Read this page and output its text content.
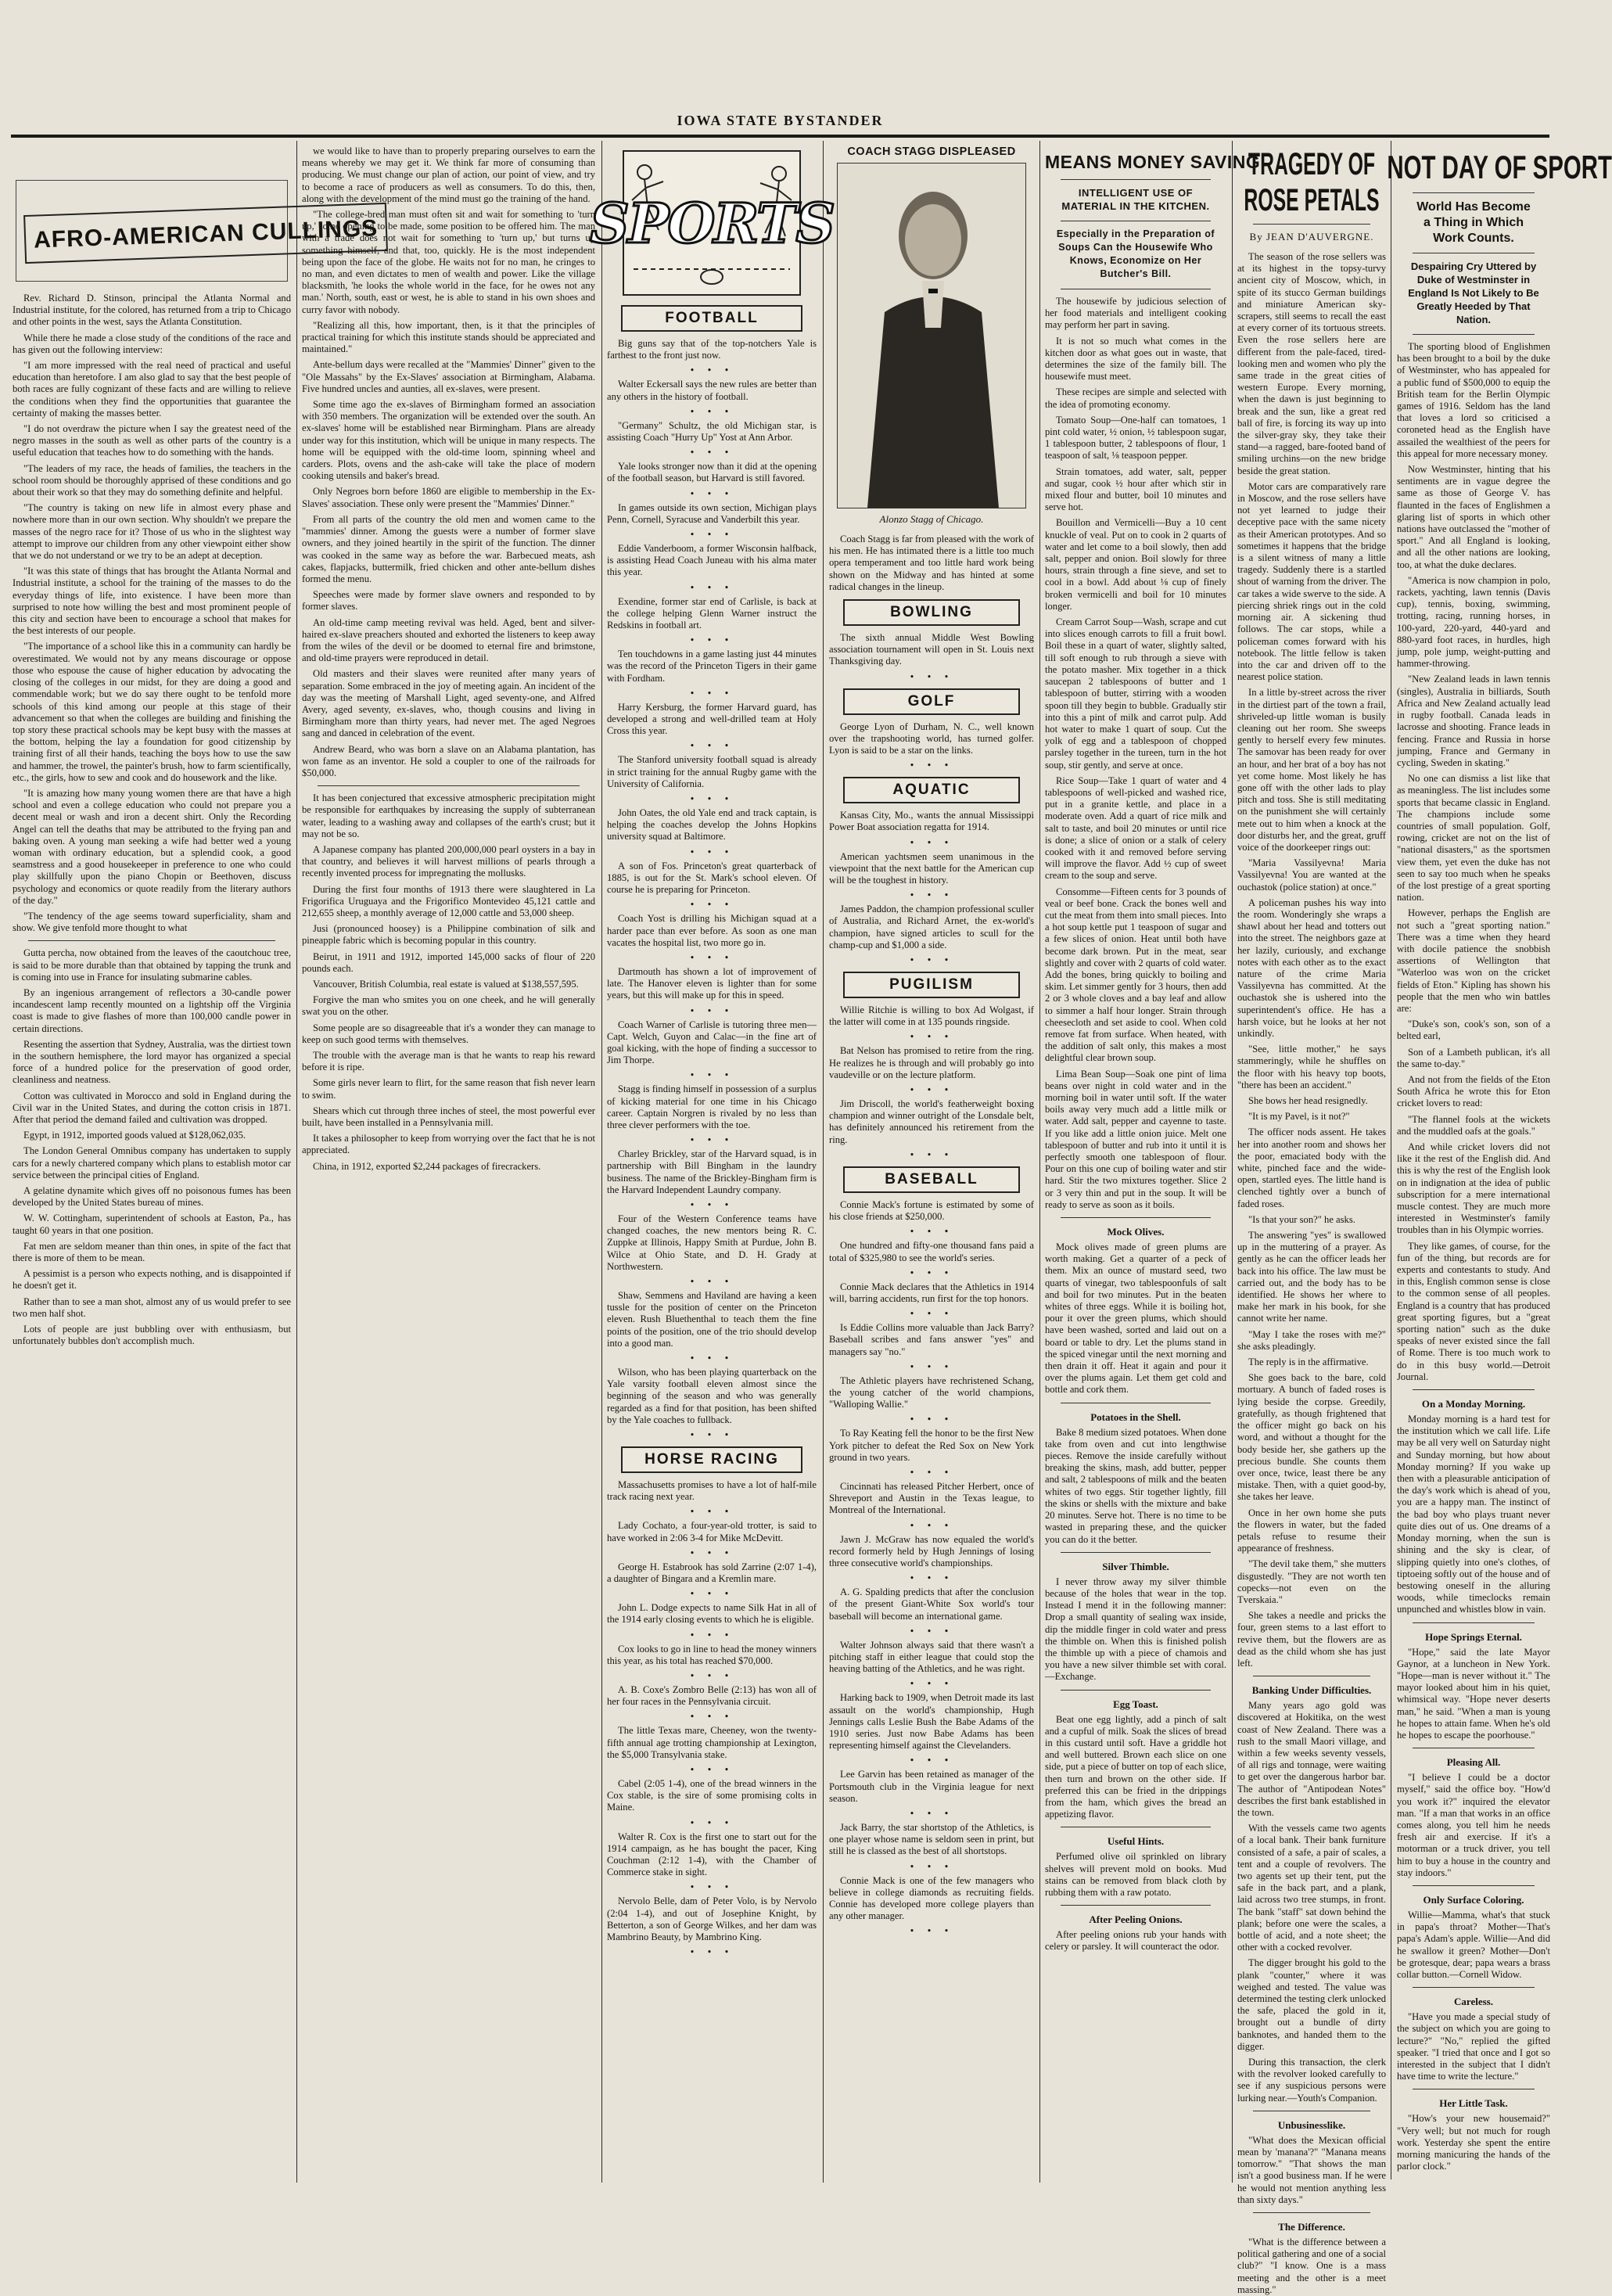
IOWA STATE BYSTANDER
AFRO-AMERICAN CULLINGS

Rev. Richard D. Stinson, principal the Atlanta Normal and Industrial institute, for the colored, has returned from a trip to Chicago and other points in the west, says the Atlanta Constitution.

While there he made a close study of the conditions of the race and has given out the following interview:

"I am more impressed with the real need of practical and useful education than heretofore. I am also glad to say that the best people of both races are fully cognizant of these facts and are willing to relieve the conditions when they find the opportunities that guarantee the certainty of making the masses better.

"I do not overdraw the picture when I say the greatest need of the negro masses in the south as well as other parts of the country is a useful education that teaches how to do something with the hands.

"The leaders of my race, the heads of families, the teachers in the school room should be thoroughly apprised of these conditions and go about their work so that they may do something definite and helpful.

"The country is taking on new life in almost every phase and nowhere more than in our own section. Why shouldn't we prepare the masses of the negro race for it? Those of us who in the slightest way attempt to improve our children from any other viewpoint either show that we do not understand or we try to be an adept at deception.

"It was this state of things that has brought the Atlanta Normal and Industrial institute, a school for the training of the masses to do the everyday things of life, into existence. I have been more than surprised to note how willing the best and most prominent people of this city and section have been to encourage a school that makes for the best interests of our people.

"The importance of a school like this in a community can hardly be overestimated. We would not by any means discourage or oppose those who espouse the cause of higher education by advocating the closing of the colleges in our midst, for they are doing a good and commendable work; but we do say there ought to be tenfold more schools of this kind among our people at this stage of their advancement so that when the colleges are building and finishing the top story these practical schools may be kept busy with the masses at the bottom, helping the lay a foundation for good citizenship by training first of all their hands, teaching the boys how to use the saw and hammer, the trowel, the painter's brush, how to farm scientifically, etc., the girls, how to sew and cook and do housework and the like.

"It is amazing how many young women there are that have a high school and even a college education who could not prepare you a decent meal or wash and iron a decent shirt. Only the Recording Angel can tell the deaths that may be attributed to the frying pan and baking oven. A young man seeking a wife had better wed a young woman with ordinary education, but a splendid cook, a good seamstress and a good housekeeper in preference to one who could play skillfully upon the piano Chopin or Beethoven, discuss psychology and economics or quote readily from the literary authors of the day."

"The tendency of the age seems toward superficiality, sham and show. We give tenfold more thought to what

Gutta percha, now obtained from the leaves of the caoutchouc tree, is said to be more durable than that obtained by tapping the trunk and is coming into use in France for insulating submarine cables.

By an ingenious arrangement of reflectors a 30-candle power incandescent lamp recently mounted on a lightship off the Virginia coast is made to give flashes of more than 100,000 candle power in certain directions.

Resenting the assertion that Sydney, Australia, was the dirtiest town in the southern hemisphere, the lord mayor has organized a special force of a hundred police for the preservation of good order, cleanliness and neatness.

Cotton was cultivated in Morocco and sold in England during the Civil war in the United States, and during the cotton crisis in 1871. After that period the demand failed and cultivation was dropped.

Egypt, in 1912, imported goods valued at $128,062,035.

The London General Omnibus company has undertaken to supply cars for a newly chartered company which plans to establish motor car service between the principal cities of England.

A gelatine dynamite which gives off no poisonous fumes has been developed by the United States bureau of mines.

W. W. Cottingham, superintendent of schools at Easton, Pa., has taught 60 years in that one position.

Fat men are seldom meaner than thin ones, in spite of the fact that there is more of them to be mean.

A pessimist is a person who expects nothing, and is disappointed if he doesn't get it.

Rather than to see a man shot, almost any of us would prefer to see two men half shot.

Lots of people are just bubbling over with enthusiasm, but unfortunately bubbles don't accomplish much.

we would like to have than to properly preparing ourselves to earn the means whereby we may get it. We think far more of consuming than producing. We must change our plan of action, our point of view, and try to become a race of producers as well as consumers. To do this, then, along with the development of the mind must go the training of the hand.

"The college-bred man must often sit and wait for something to 'turn up,' some opening to be made, some position to be offered him. The man with a trade does not wait for something to 'turn up,' but turns up something himself, and that, too, quickly. He is the most independent being upon the face of the globe. He waits not for no man, he cringes to no man, and even dictates to men of wealth and power. Like the village blacksmith, 'he looks the whole world in the face, for he owes not any man.' North, south, east or west, he is able to stand in his own shoes and curry favor with nobody.

"Realizing all this, how important, then, is it that the principles of practical training for which this institute stands should be appreciated and maintained."

Ante-bellum days were recalled at the "Mammies' Dinner" given to the "Ole Massahs" by the Ex-Slaves' association at Birmingham, Alabama. Five hundred uncles and aunties, all ex-slaves, were present.

Some time ago the ex-slaves of Birmingham formed an association with 350 members. The organization will be extended over the south. An ex-slaves' home will be established near Birmingham. Plans are already under way for this institution, which will be unique in many respects. The home will be equipped with the old-time loom, spinning wheel and carders. Plots, ovens and the ash-cake will take the place of modern cooking utensils and baker's bread.

Only Negroes born before 1860 are eligible to membership in the Ex-Slaves' association. These only were present the "Mammies' Dinner."

From all parts of the country the old men and women came to the "mammies' dinner. Among the guests were a number of former slave owners, and they joined heartily in the spirit of the function. The dinner was cooked in the same way as before the war. Barbecued meats, ash cakes, flapjacks, buttermilk, fried chicken and other ante-bellum dishes formed the menu.

Speeches were made by former slave owners and responded to by former slaves.

An old-time camp meeting revival was held. Aged, bent and silver-haired ex-slave preachers shouted and exhorted the listeners to keep away from the wiles of the devil or be doomed to eternal fire and brimstone, and old-time prayers were reproduced in detail.

Old masters and their slaves were reunited after many years of separation. Some embraced in the joy of meeting again. An incident of the day was the meeting of Marshall Light, aged seventy-one, and Alfred Avery, aged seventy, ex-slaves, who, though cousins and living in Birmingham more than thirty years, had never met. The aged Negroes sang and danced in celebration of the event.

Andrew Beard, who was born a slave on an Alabama plantation, has won fame as an inventor. He sold a coupler to one of the railroads for $50,000.

It has been conjectured that excessive atmospheric precipitation might be responsible for earthquakes by increasing the supply of subterranean water, leading to a washing away and collapses of the earth's crust; but it may not be so.

A Japanese company has planted 200,000,000 pearl oysters in a bay in that country, and believes it will harvest millions of pearls through a recently invented process for impregnating the mollusks.

During the first four months of 1913 there were slaughtered in La Frigorifica Uruguaya and the Frigorifico Montevideo 45,121 cattle and 212,655 sheep, a monthly average of 12,000 cattle and 53,000 sheep.

Jusi (pronounced hoosey) is a Philippine combination of silk and pineapple fabric which is becoming popular in this country.

Beirut, in 1911 and 1912, imported 145,000 sacks of flour of 220 pounds each.

Vancouver, British Columbia, real estate is valued at $138,557,595.

Forgive the man who smites you on one cheek, and he will generally swat you on the other.

Some people are so disagreeable that it's a wonder they can manage to keep on such good terms with themselves.

The trouble with the average man is that he wants to reap his reward before it is ripe.

Some girls never learn to flirt, for the same reason that fish never learn to swim.

Shears which cut through three inches of steel, the most powerful ever built, have been installed in a Pennsylvania mill.

It takes a philosopher to keep from worrying over the fact that he is not appreciated.

China, in 1912, exported $2,244 packages of firecrackers.

SPORTS
FOOTBALL

Big guns say that of the top-notchers Yale is farthest to the front just now.

• • •

Walter Eckersall says the new rules are better than any others in the history of football.

• • •

"Germany" Schultz, the old Michigan star, is assisting Coach "Hurry Up" Yost at Ann Arbor.

• • •

Yale looks stronger now than it did at the opening of the football season, but Harvard is still favored.

• • •

In games outside its own section, Michigan plays Penn, Cornell, Syracuse and Vanderbilt this year.

• • •

Eddie Vanderboom, a former Wisconsin halfback, is assisting Head Coach Juneau with his alma mater this year.

• • •

Exendine, former star end of Carlisle, is back at the college helping Glenn Warner instruct the Redskins in football art.

• • •

Ten touchdowns in a game lasting just 44 minutes was the record of the Princeton Tigers in their game with Fordham.

• • •

Harry Kersburg, the former Harvard guard, has developed a strong and well-drilled team at Holy Cross this year.

• • •

The Stanford university football squad is already in strict training for the annual Rugby game with the University of California.

• • •

John Oates, the old Yale end and track captain, is helping the coaches develop the Johns Hopkins university squad at Baltimore.

• • •

A son of Fos. Princeton's great quarterback of 1885, is out for the St. Mark's school eleven. Of course he is preparing for Princeton.

• • •

Coach Yost is drilling his Michigan squad at a harder pace than ever before. As soon as one man vacates the hospital list, two more go in.

• • •

Dartmouth has shown a lot of improvement of late. The Hanover eleven is lighter than for some years, but this will make up for this in speed.

• • •

Coach Warner of Carlisle is tutoring three men—Capt. Welch, Guyon and Calac—in the fine art of goal kicking, with the hope of finding a successor to Jim Thorpe.

• • •

Stagg is finding himself in possession of a surplus of kicking material for one time in his Chicago career. Captain Norgren is rivaled by no less than three clever performers with the toe.

• • •

Charley Brickley, star of the Harvard squad, is in partnership with Bill Bingham in the laundry business. The name of the Brickley-Bingham firm is the Harvard Independent Laundry company.

• • •

Four of the Western Conference teams have changed coaches, the new mentors being R. C. Zuppke at Illinois, Happy Smith at Purdue, John B. Wilce at Ohio State, and D. H. Grady at Northwestern.

• • •

Shaw, Semmens and Haviland are having a keen tussle for the position of center on the Princeton eleven. Rush Bluethenthal to teach them the fine points of the position, one of the trio should develop into a good man.

• • •

Wilson, who has been playing quarterback on the Yale varsity football eleven almost since the beginning of the season and who was generally regarded as a find for that position, has been shifted by the Yale coaches to fullback.

• • •
HORSE RACING

Massachusetts promises to have a lot of half-mile track racing next year.

• • •

Lady Cochato, a four-year-old trotter, is said to have worked in 2:06 3-4 for Mike McDevitt.

• • •

George H. Estabrook has sold Zarrine (2:07 1-4), a daughter of Bingara and a Kremlin mare.

• • •

John L. Dodge expects to name Silk Hat in all of the 1914 early closing events to which he is eligible.

• • •

Cox looks to go in line to head the money winners this year, as his total has reached $70,000.

• • •

A. B. Coxe's Zombro Belle (2:13) has won all of her four races in the Pennsylvania circuit.

• • •

The little Texas mare, Cheeney, won the twenty-fifth annual age trotting championship at Lexington, the $5,000 Transylvania stake.

• • •

Cabel (2:05 1-4), one of the bread winners in the Cox stable, is the sire of some promising colts in Maine.

• • •

Walter R. Cox is the first one to start out for the 1914 campaign, as he has bought the pacer, King Couchman (2:12 1-4), with the Chamber of Commerce stake in sight.

• • •

Nervolo Belle, dam of Peter Volo, is by Nervolo (2:04 1-4), and out of Josephine Knight, by Betterton, a son of George Wilkes, and her dam was Mambrino Beauty, by Mambrino King.

• • •
COACH STAGG DISPLEASED
Alonzo Stagg of Chicago.

Coach Stagg is far from pleased with the work of his men. He has intimated there is a little too much opera temperament and too little hard work being shown on the Midway and has hinted at some radical changes in the lineup.

BOWLING

The sixth annual Middle West Bowling association tournament will open in St. Louis next Thanksgiving day.

• • •
GOLF

George Lyon of Durham, N. C., well known over the trapshooting world, has turned golfer. Lyon is said to be a star on the links.

• • •
AQUATIC

Kansas City, Mo., wants the annual Mississippi Power Boat association regatta for 1914.

• • •

American yachtsmen seem unanimous in the viewpoint that the next battle for the American cup will be the toughest in history.

• • •

James Paddon, the champion professional sculler of Australia, and Richard Arnet, the ex-world's champion, have signed articles to scull for the champ-cup and $1,000 a side.

• • •
PUGILISM

Willie Ritchie is willing to box Ad Wolgast, if the latter will come in at 135 pounds ringside.

• • •

Bat Nelson has promised to retire from the ring. He realizes he is through and will probably go into vaudeville or on the lecture platform.

• • •

Jim Driscoll, the world's featherweight boxing champion and winner outright of the Lonsdale belt, has definitely announced his retirement from the ring.

• • •
BASEBALL

Connie Mack's fortune is estimated by some of his close friends at $250,000.

• • •

One hundred and fifty-one thousand fans paid a total of $325,980 to see the world's series.

• • •

Connie Mack declares that the Athletics in 1914 will, barring accidents, run first for the top honors.

• • •

Is Eddie Collins more valuable than Jack Barry? Baseball scribes and fans answer "yes" and managers say "no."

• • •

The Athletic players have rechristened Schang, the young catcher of the world champions, "Walloping Wallie."

• • •

To Ray Keating fell the honor to be the first New York pitcher to defeat the Red Sox on New York ground in two years.

• • •

Cincinnati has released Pitcher Herbert, once of Shreveport and Austin in the Texas league, to Montreal of the International.

• • •

Jawn J. McGraw has now equaled the world's record formerly held by Hugh Jennings of losing three consecutive world's championships.

• • •

A. G. Spalding predicts that after the conclusion of the present Giant-White Sox world's tour baseball will become an international game.

• • •

Walter Johnson always said that there wasn't a pitching staff in either league that could stop the heaving batting of the Athletics, and he was right.

• • •

Harking back to 1909, when Detroit made its last assault on the world's championship, Hugh Jennings calls Leslie Bush the Babe Adams of the 1910 series. Just now Babe Adams has been representing himself against the Clevelanders.

• • •

Lee Garvin has been retained as manager of the Portsmouth club in the Virginia league for next season.

• • •

Jack Barry, the star shortstop of the Athletics, is one player whose name is seldom seen in print, but still he is classed as the best of all shortstops.

• • •

Connie Mack is one of the few managers who believe in college diamonds as recruiting fields. Connie has developed more college players than any other manager.

• • •
MEANS MONEY SAVING
INTELLIGENT USE OF MATERIAL IN THE KITCHEN.
Especially in the Preparation of Soups Can the Housewife Who Knows, Economize on Her Butcher's Bill.

The housewife by judicious selection of her food materials and intelligent cooking may perform her part in saving.

It is not so much what comes in the kitchen door as what goes out in waste, that determines the size of the family bill. The housewife must meet.

These recipes are simple and selected with the idea of promoting economy.

Tomato Soup—One-half can tomatoes, 1 pint cold water, ½ onion, ½ tablespoon sugar, 1 tablespoon butter, 2 tablespoons of flour, 1 teaspoon of salt, ⅛ teaspoon pepper.

Strain tomatoes, add water, salt, pepper and sugar, cook ½ hour after which stir in mixed flour and butter, boil 10 minutes and serve hot.

Bouillon and Vermicelli—Buy a 10 cent knuckle of veal. Put on to cook in 2 quarts of water and let come to a boil slowly, then add salt, pepper and onion. Boil slowly for three hours, strain through a fine sieve, and set to cool in a bowl. Add about ⅛ cup of finely broken vermicelli and boil for 10 minutes longer.

Cream Carrot Soup—Wash, scrape and cut into slices enough carrots to fill a fruit bowl. Boil these in a quart of water, slightly salted, till soft enough to rub through a sieve with the potato masher. Mix together in a thick saucepan 2 tablespoons of butter and 1 tablespoon of butter, stirring with a wooden spoon till they begin to bubble. Gradually stir into this a pint of milk and carrot pulp. Add hot water to make 1 quart of soup. Cut the yolk of egg and a tablespoon of chopped parsley together in the tureen, turn in the hot soup, stir gently, and serve at once.

Rice Soup—Take 1 quart of water and 4 tablespoons of well-picked and washed rice, put in a granite kettle, and place in a moderate oven. Add a quart of rice milk and salt to taste, and boil 20 minutes or until rice is done; a slice of onion or a stalk of celery cooked with it and removed before serving will improve the flavor. Add ½ cup of sweet cream to the soup and serve.

Consomme—Fifteen cents for 3 pounds of veal or beef bone. Crack the bones well and cut the meat from them into small pieces. Into a hot soup kettle put 1 teaspoon of sugar and a few slices of onion. Heat until both have become dark brown. Put in the meat, sear slightly and cover with 2 quarts of cold water. Add the bones, bring quickly to boiling and skim. Let simmer gently for 3 hours, then add 2 or 3 whole cloves and a bay leaf and allow to simmer a half hour longer. Strain through cheesecloth and set aside to cool. When cold remove fat from surface. When heated, with the addition of salt only, this makes a most delightful clear brown soup.

Lima Bean Soup—Soak one pint of lima beans over night in cold water and in the morning boil in water until soft. If the water boils away very much add a little milk or water. Add salt, pepper and cayenne to taste. If you like add a little onion juice. Melt one tablespoon of butter and rub into it until it is perfectly smooth one tablespoon of flour. Pour on this one cup of boiling water and stir hard. Stir the two mixtures together. Slice 2 or 3 very thin and put in the soup. It will be ready to serve as soon as it boils.

Mock Olives.

Mock olives made of green plums are worth making. Get a quarter of a peck of them. Mix an ounce of mustard seed, two quarts of vinegar, two tablespoonfuls of salt and boil for two minutes. Put in the beaten whites of three eggs. While it is boiling hot, pour it over the green plums, which should have been washed, sorted and laid out on a board or table to dry. Let the plums stand in the spiced vinegar until the next morning and then drain it off. Heat it again and pour it over the plums again. Let them get cold and bottle and cork them.

Potatoes in the Shell.

Bake 8 medium sized potatoes. When done take from oven and cut into lengthwise pieces. Remove the inside carefully without breaking the skins, mash, add butter, pepper and salt, 2 tablespoons of milk and the beaten whites of two eggs. Stir together lightly, fill the skins or shells with the mixture and bake 20 minutes. Serve hot. There is no time to be wasted in preparing these, and the quicker you can do it the better.

Silver Thimble.

I never throw away my silver thimble because of the holes that wear in the top. Instead I mend it in the following manner: Drop a small quantity of sealing wax inside, dip the middle finger in cold water and press the thimble on. When this is finished polish the thimble up with a piece of chamois and you have a new silver thimble set with coral.—Exchange.

Egg Toast.

Beat one egg lightly, add a pinch of salt and a cupful of milk. Soak the slices of bread in this custard until soft. Have a griddle hot and well buttered. Brown each slice on one side, put a piece of butter on top of each slice, then turn and brown on the other side. If preferred this can be fried in the drippings from the ham, which gives the bread an appetizing flavor.

Useful Hints.

Perfumed olive oil sprinkled on library shelves will prevent mold on books. Mud stains can be removed from black cloth by rubbing them with a raw potato.

After Peeling Onions.

After peeling onions rub your hands with celery or parsley. It will counteract the odor.

TRAGEDY OF
ROSE PETALS
By JEAN D'AUVERGNE.

The season of the rose sellers was at its highest in the topsy-turvy ancient city of Moscow, which, in spite of its stucco German buildings and miniature American sky-scrapers, still seems to recall the east at every corner of its tortuous streets. Even the rose sellers here are different from the pale-faced, tired-looking men and women who ply the same trade in the great cities of western Europe. Every morning, when the dawn is just beginning to break and the sun, like a great red ball of fire, is forcing its way up into the silver-gray sky, they take their stand—a ragged, bare-footed band of smiling urchins—on the new bridge beside the great station.

Motor cars are comparatively rare in Moscow, and the rose sellers have not yet learned to judge their deceptive pace with the same nicety as their American prototypes. And so sometimes it happens that the bridge is a silent witness of many a little tragedy. Suddenly there is a startled shout of warning from the driver. The car takes a wide swerve to the side. A piercing shriek rings out in the cold morning air. A sickening thud follows. The car stops, while a policeman comes forward with his notebook. The little fellow is taken into the car and driven off to the nearest police station.

In a little by-street across the river in the dirtiest part of the town a frail, shriveled-up little woman is busily cleaning out her room. She sweeps gently to herself every few minutes. The samovar has been ready for over an hour, and her brat of a boy has not yet come home. Most likely he has gone off with the other lads to play pitch and toss. She is still meditating on the punishment she will certainly mete out to him when a knock at the door disturbs her, and the great, gruff voice of the doorkeeper rings out:

"Maria Vassilyevna! Maria Vassilyevna! You are wanted at the ouchastok (police station) at once."

A policeman pushes his way into the room. Wonderingly she wraps a shawl about her head and totters out into the street. The neighbors gaze at her lazily, curiously, and exchange notes with each other as to the exact nature of the crime Maria Vassilyevna has committed. At the ouchastok she is ushered into the superintendent's office. He has a harsh voice, but he looks at her not unkindly.

"See, little mother," he says stammeringly, while he shuffles on the floor with his heavy top boots, "there has been an accident."

She bows her head resignedly.

"It is my Pavel, is it not?"

The officer nods assent. He takes her into another room and shows her the poor, emaciated body with the white, pinched face and the wide-open, startled eyes. The little hand is clenched tightly over a bunch of faded roses.

"Is that your son?" he asks.

The answering "yes" is swallowed up in the muttering of a prayer. As gently as he can the officer leads her back into his office. The law must be carried out, and the body has to be identified. He shows her where to make her mark in his book, for she cannot write her name.

"May I take the roses with me?" she asks pleadingly.

The reply is in the affirmative.

She goes back to the bare, cold mortuary. A bunch of faded roses is lying beside the corpse. Greedily, gratefully, as though frightened that the officer might go back on his word, and without a thought for the body beside her, she gathers up the precious bundle. She counts them over once, twice, least there be any mistake. Then, with a quiet good-by, she takes her leave.

Once in her own home she puts the flowers in water, but the faded petals refuse to resume their appearance of freshness.

"The devil take them," she mutters disgustedly. "They are not worth ten copecks—not even on the Tverskaia."

She takes a needle and pricks the four, green stems to a last effort to revive them, but the flowers are as dead as the child whom she has just left.

Banking Under Difficulties.

Many years ago gold was discovered at Hokitika, on the west coast of New Zealand. There was a rush to the small Maori village, and within a few weeks seventy vessels, of all rigs and tonnage, were waiting to get over the dangerous harbor bar. The author of "Antipodean Notes" describes the first bank established in the town.

With the vessels came two agents of a local bank. Their bank furniture consisted of a safe, a pair of scales, a tent and a couple of revolvers. The two agents set up their tent, put the safe in the back part, and a plank, laid across two tree stumps, in front. The bank "staff" sat down behind the plank; before one were the scales, a bottle of acid, and a note sheet; the other with a cocked revolver.

The digger brought his gold to the plank "counter," where it was weighed and tested. The value was determined the testing clerk unlocked the safe, placed the gold in it, brought out a bundle of dirty banknotes, and handed them to the digger.

During this transaction, the clerk with the revolver looked carefully to see if any suspicious persons were lurking near.—Youth's Companion.

Unbusinesslike.

"What does the Mexican official mean by 'manana'?" "Manana means tomorrow." "That shows the man isn't a good business man. If he were he would not mention anything less than sixty days."

The Difference.

"What is the difference between a political gathering and one of a social club?" "I know. One is a mass meeting and the other is a meet massing."

NOT DAY OF SPORT
World Has Become a Thing in Which Work Counts.
Despairing Cry Uttered by Duke of Westminster in England Is Not Likely to Be Greatly Heeded by That Nation.

The sporting blood of Englishmen has been brought to a boil by the duke of Westminster, who has appealed for a public fund of $500,000 to equip the British team for the Berlin Olympic games of 1916. Seldom has the land that loves a lord so criticised a coroneted head as the English have assailed the wealthiest of the peers for this appeal for more necessary money.

Now Westminster, hinting that his sentiments are in vague degree the same as those of George V. has flaunted in the faces of Englishmen a glaring list of sports in which other nations have outclassed the "mother of sport." And all England is looking, and all the other nations are looking, too, at what the duke declares.

"America is now champion in polo, rackets, yachting, lawn tennis (Davis cup), tennis, boxing, swimming, trotting, racing, running horses, in 100-yard, 220-yard, 440-yard and 880-yard foot races, in hurdles, high jump, pole jump, weight-putting and hammer-throwing.

"New Zealand leads in lawn tennis (singles), Australia in billiards, South Africa and New Zealand actually lead in rugby football. Canada leads in lacrosse and shooting. France leads in fencing. France and Russia in horse jumping, France and Germany in cycling, Sweden in skating."

No one can dismiss a list like that as meaningless. The list includes some sports that became classic in England. The champions include some countries of small population. Golf, rowing, cricket are not on the list of "national disasters," as the sportsmen view them, yet even the duke has not seen to say too much when he speaks of the lost prestige of a great sporting nation.

However, perhaps the English are not such a "great sporting nation." There was a time when they heard with docile patience the snobbish assertions of Wellington that "Waterloo was won on the cricket fields of Eton." Kipling has shown his people that the men who win battles are:

"Duke's son, cook's son, son of a belted earl,

Son of a Lambeth publican, it's all the same to-day."

And not from the fields of the Eton South Africa he wrote this for Eton cricket lovers to read:

"The flannel fools at the wickets and the muddled oafs at the goals."

And while cricket lovers did not like it the rest of the English did. And this is why the rest of the English look on in indignation at the idea of public subscription for a mere international muscle contest. They are much more interested in Westminster's family troubles than in his Olympic worries.

They like games, of course, for the fun of the thing, but records are for experts and contestants to study. And in this, English common sense is close to the common sense of all peoples. England is a country that has produced great sporting figures, but a "great sporting nation" such as the duke speaks of never existed since the fall of Rome. There is too much work to do in this busy world.—Detroit Journal.

On a Monday Morning.

Monday morning is a hard test for the institution which we call life. Life may be all very well on Saturday night and Sunday morning, but how about Monday morning? If you wake up then with a pleasurable anticipation of the day's work which is ahead of you, you are a happy man. The instinct of the bad boy who plays truant never quite dies out of us. One dreams of a Monday morning, when the sun is shining and the sky is clear, of slipping quietly into one's clothes, of tiptoeing softly out of the house and of bestowing oneself in the alluring woods, while timeclocks remain unpunched and whistles blow in vain.

Hope Springs Eternal.

"Hope," said the late Mayor Gaynor, at a luncheon in New York. "Hope—man is never without it." The mayor looked about him in his quiet, whimsical way. "Hope never deserts man," he said. "When a man is young he hopes to attain fame. When he's old he hopes to escape the poorhouse."

Pleasing All.

"I believe I could be a doctor myself," said the office boy. "How'd you work it?" inquired the elevator man. "If a man that works in an office comes along, you tell him he needs fresh air and exercise. If it's a motorman or a truck driver, you tell him to buy a house in the country and stay indoors."

Only Surface Coloring.

Willie—Mamma, what's that stuck in papa's throat? Mother—That's papa's Adam's apple. Willie—And did he swallow it green? Mother—Don't be grotesque, dear; papa wears a brass collar button.—Cornell Widow.

Careless.

"Have you made a special study of the subject on which you are going to lecture?" "No," replied the gifted speaker. "I tried that once and I got so interested in the subject that I didn't have time to write the lecture."

Her Little Task.

"How's your new housemaid?" "Very well; but not much for rough work. Yesterday she spent the entire morning manicuring the hands of the parlor clock."
